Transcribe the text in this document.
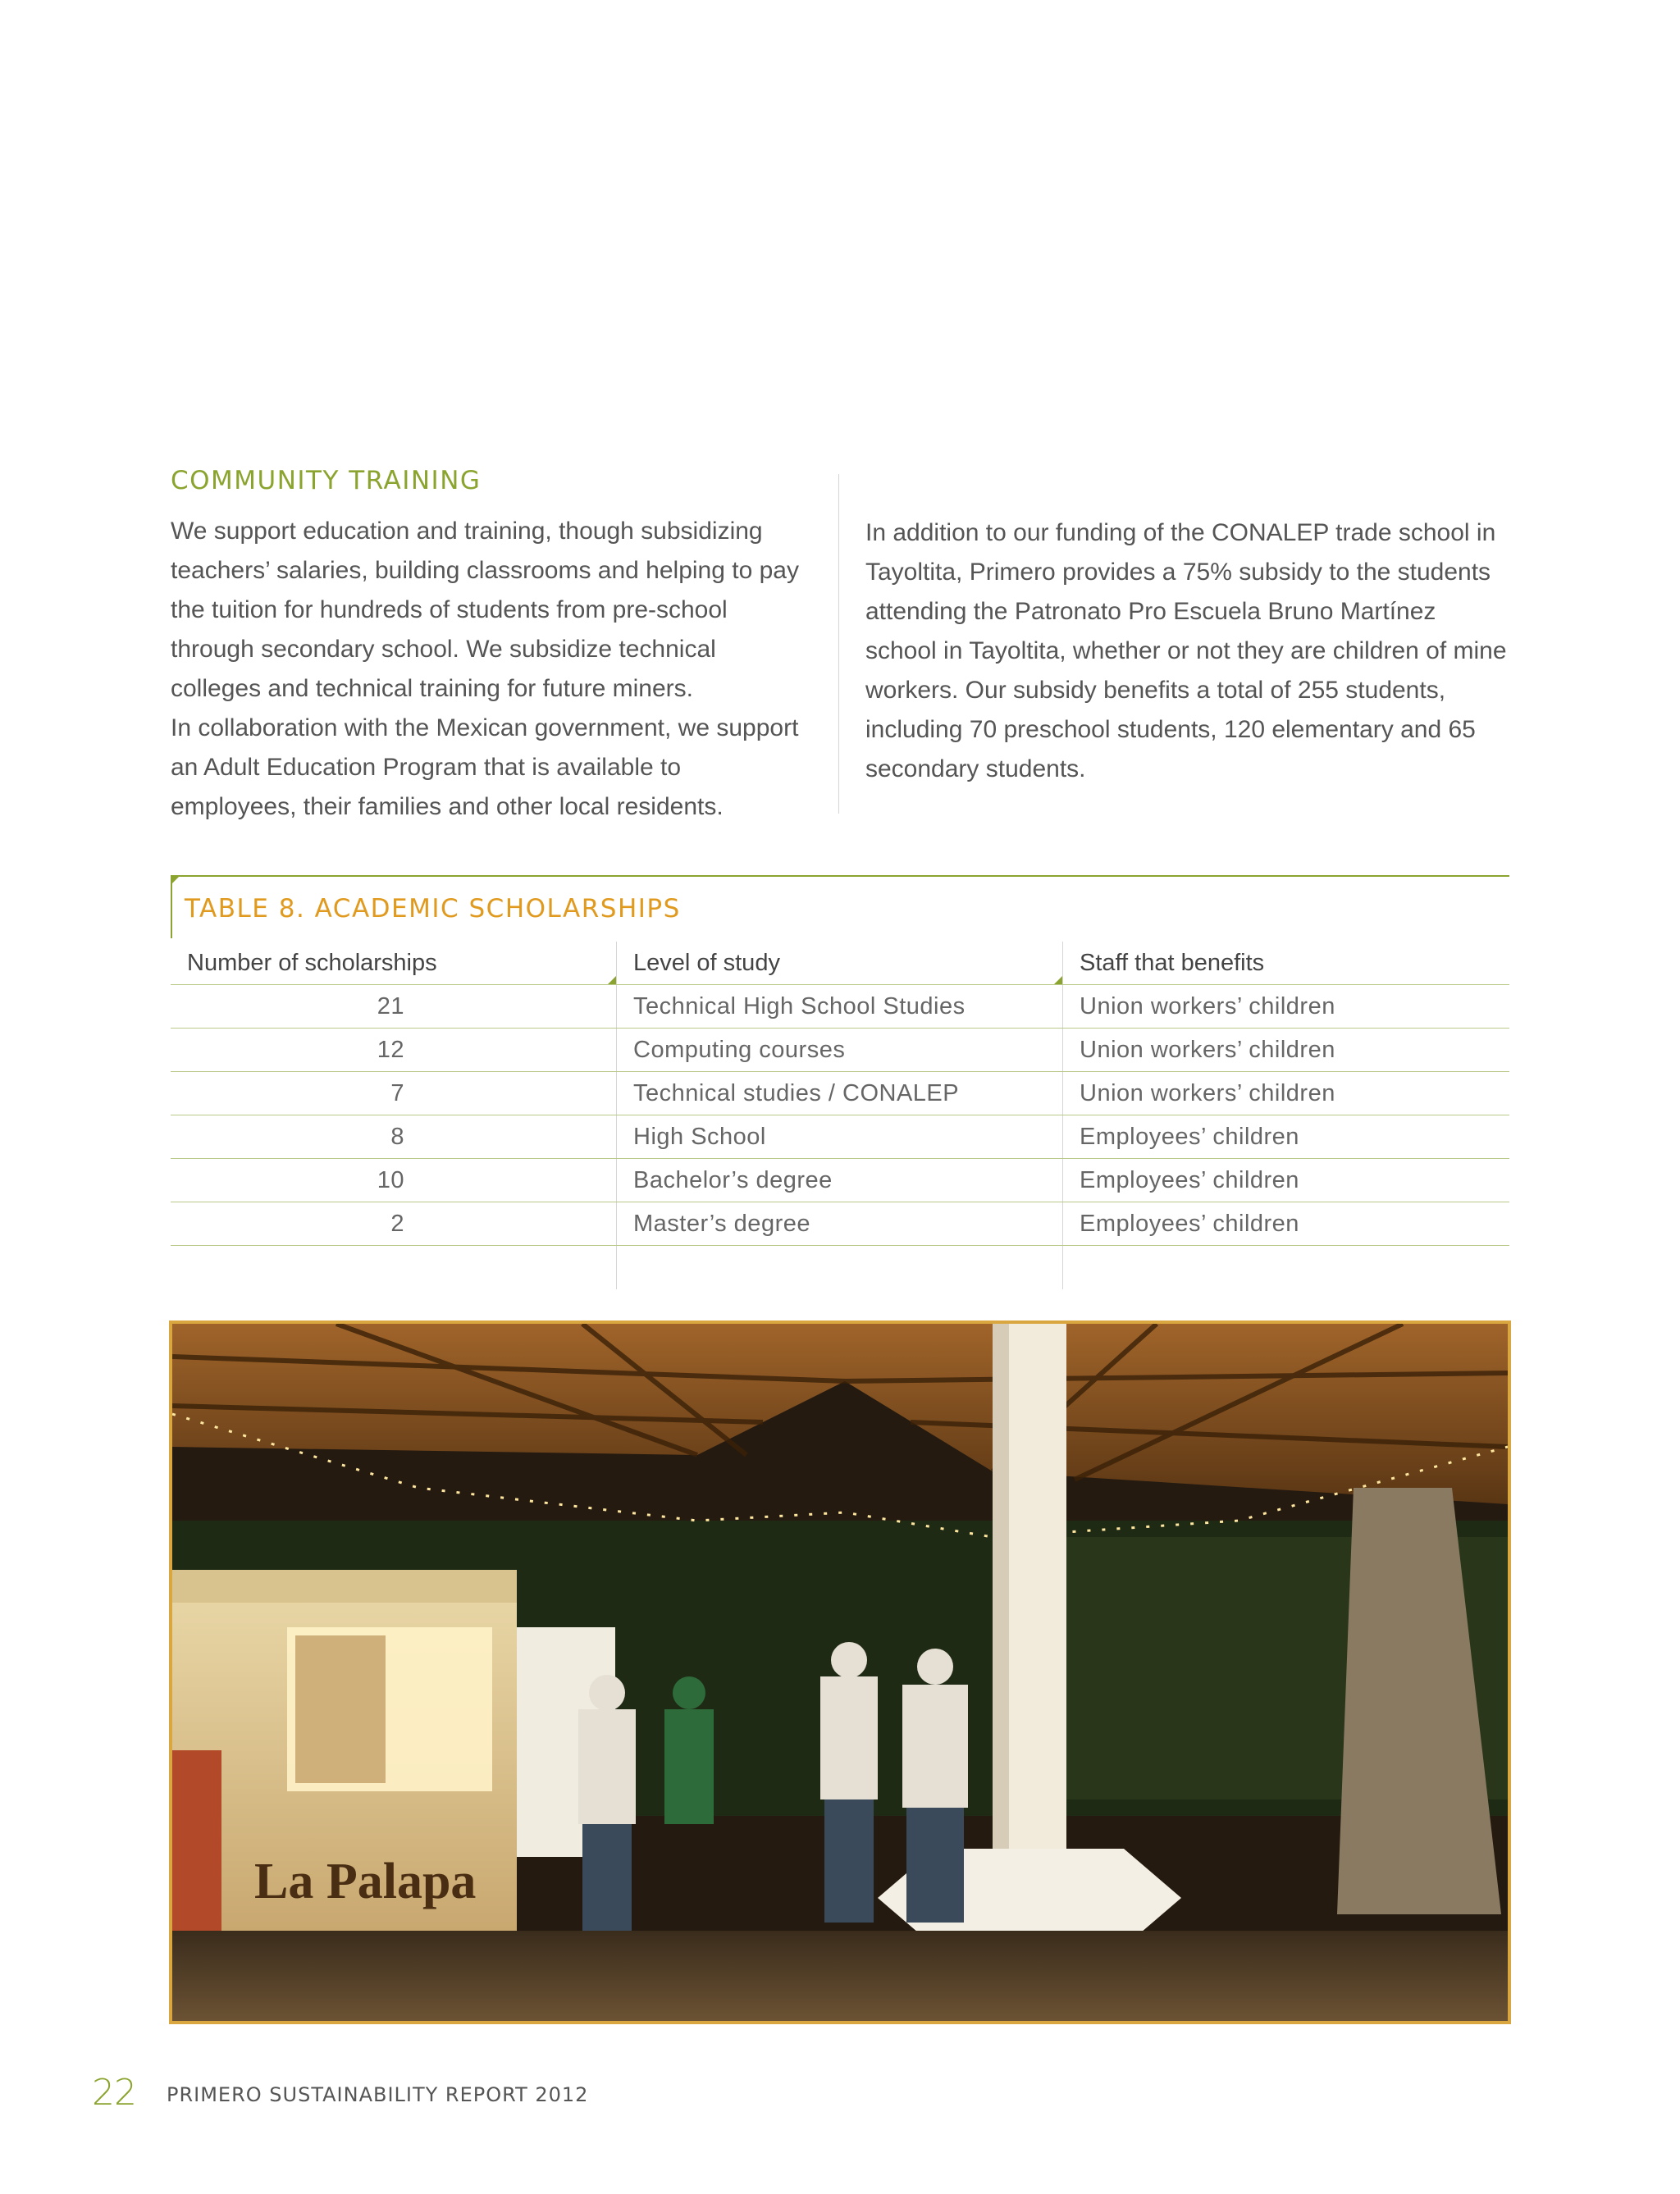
COMMUNITY TRAINING

We support education and training, though subsidizing teachers’ salaries, building classrooms and helping to pay the tuition for hundreds of students from pre-school through secondary school. We subsidize technical colleges and technical training for future miners.

In collaboration with the Mexican government, we support an Adult Education Program that is available to employees, their families and other local residents.

In addition to our funding of the CONALEP trade school in Tayoltita, Primero provides a 75% subsidy to the students attending the Patronato Pro Escuela Bruno Martínez school in Tayoltita, whether or not they are children of mine workers. Our subsidy benefits a total of 255 students, including 70 preschool students, 120 elementary and 65 secondary students.

TABLE 8. ACADEMIC SCHOLARSHIPS
Number of scholarships	Level of study	Staff that benefits
21	Technical High School Studies	Union workers’ children
12	Computing courses	Union workers’ children
7	Technical studies / CONALEP	Union workers’ children
8	High School	Employees’ children
10	Bachelor’s degree	Employees’ children
2	Master’s degree	Employees’ children
La Palapa
22 PRIMERO SUSTAINABILITY REPORT 2012
